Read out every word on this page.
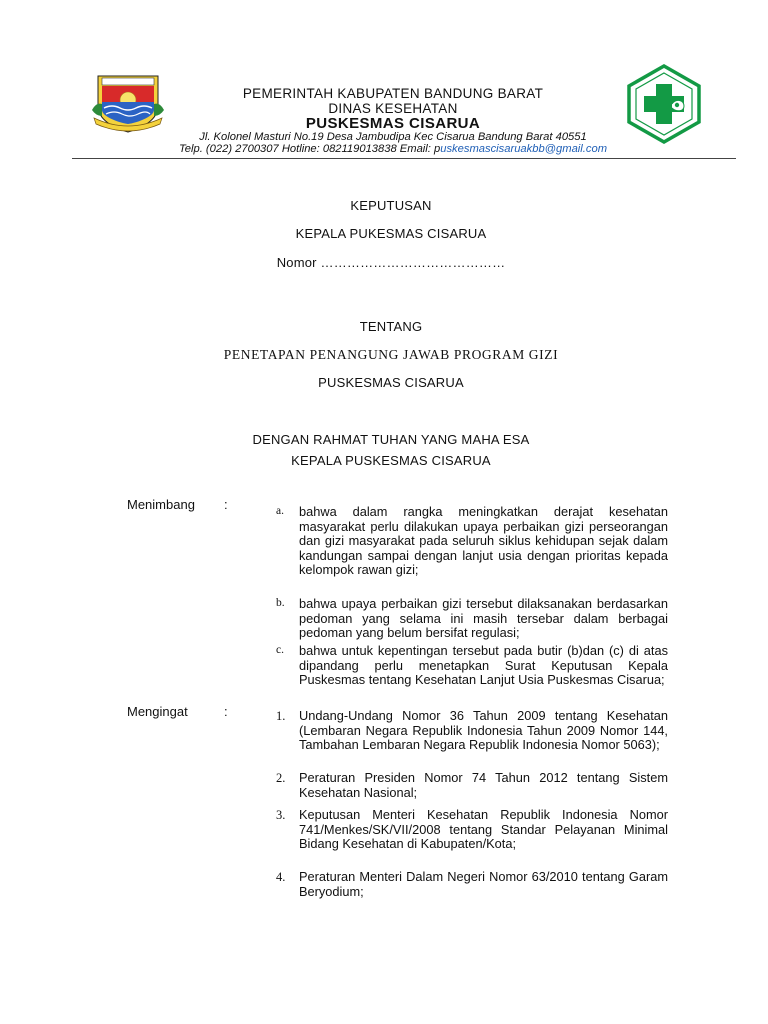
PEMERINTAH KABUPATEN BANDUNG BARAT
DINAS KESEHATAN
PUSKESMAS CISARUA
Jl. Kolonel Masturi No.19 Desa Jambudipa Kec Cisarua Bandung Barat 40551
Telp. (022) 2700307 Hotline: 082119013838 Email: puskesmascisaruakbb@gmail.com
KEPUTUSAN
KEPALA PUKESMAS CISARUA
Nomor ……………………………………
TENTANG
PENETAPAN PENANGUNG JAWAB PROGRAM GIZI
PUSKESMAS CISARUA
DENGAN RAHMAT TUHAN YANG MAHA ESA
KEPALA PUSKESMAS CISARUA
Menimbang :	a. bahwa dalam rangka meningkatkan derajat kesehatan masyarakat perlu dilakukan upaya perbaikan gizi perseorangan dan gizi masyarakat pada seluruh siklus kehidupan sejak dalam kandungan sampai dengan lanjut usia dengan prioritas kepada kelompok rawan gizi;
b. bahwa upaya perbaikan gizi tersebut dilaksanakan berdasarkan pedoman yang selama ini masih tersebar dalam berbagai pedoman yang belum bersifat regulasi;
c. bahwa untuk kepentingan tersebut pada butir (b)dan (c) di atas dipandang perlu menetapkan Surat Keputusan Kepala Puskesmas tentang Kesehatan Lanjut Usia Puskesmas Cisarua;
Mengingat	:	1. Undang-Undang Nomor 36 Tahun 2009 tentang Kesehatan (Lembaran Negara Republik Indonesia Tahun 2009 Nomor 144, Tambahan Lembaran Negara Republik Indonesia Nomor 5063);
2. Peraturan Presiden Nomor 74 Tahun 2012 tentang Sistem Kesehatan Nasional;
3. Keputusan Menteri Kesehatan Republik Indonesia Nomor 741/Menkes/SK/VII/2008 tentang Standar Pelayanan Minimal Bidang Kesehatan di Kabupaten/Kota;
4. Peraturan Menteri Dalam Negeri Nomor 63/2010 tentang Garam Beryodium;
